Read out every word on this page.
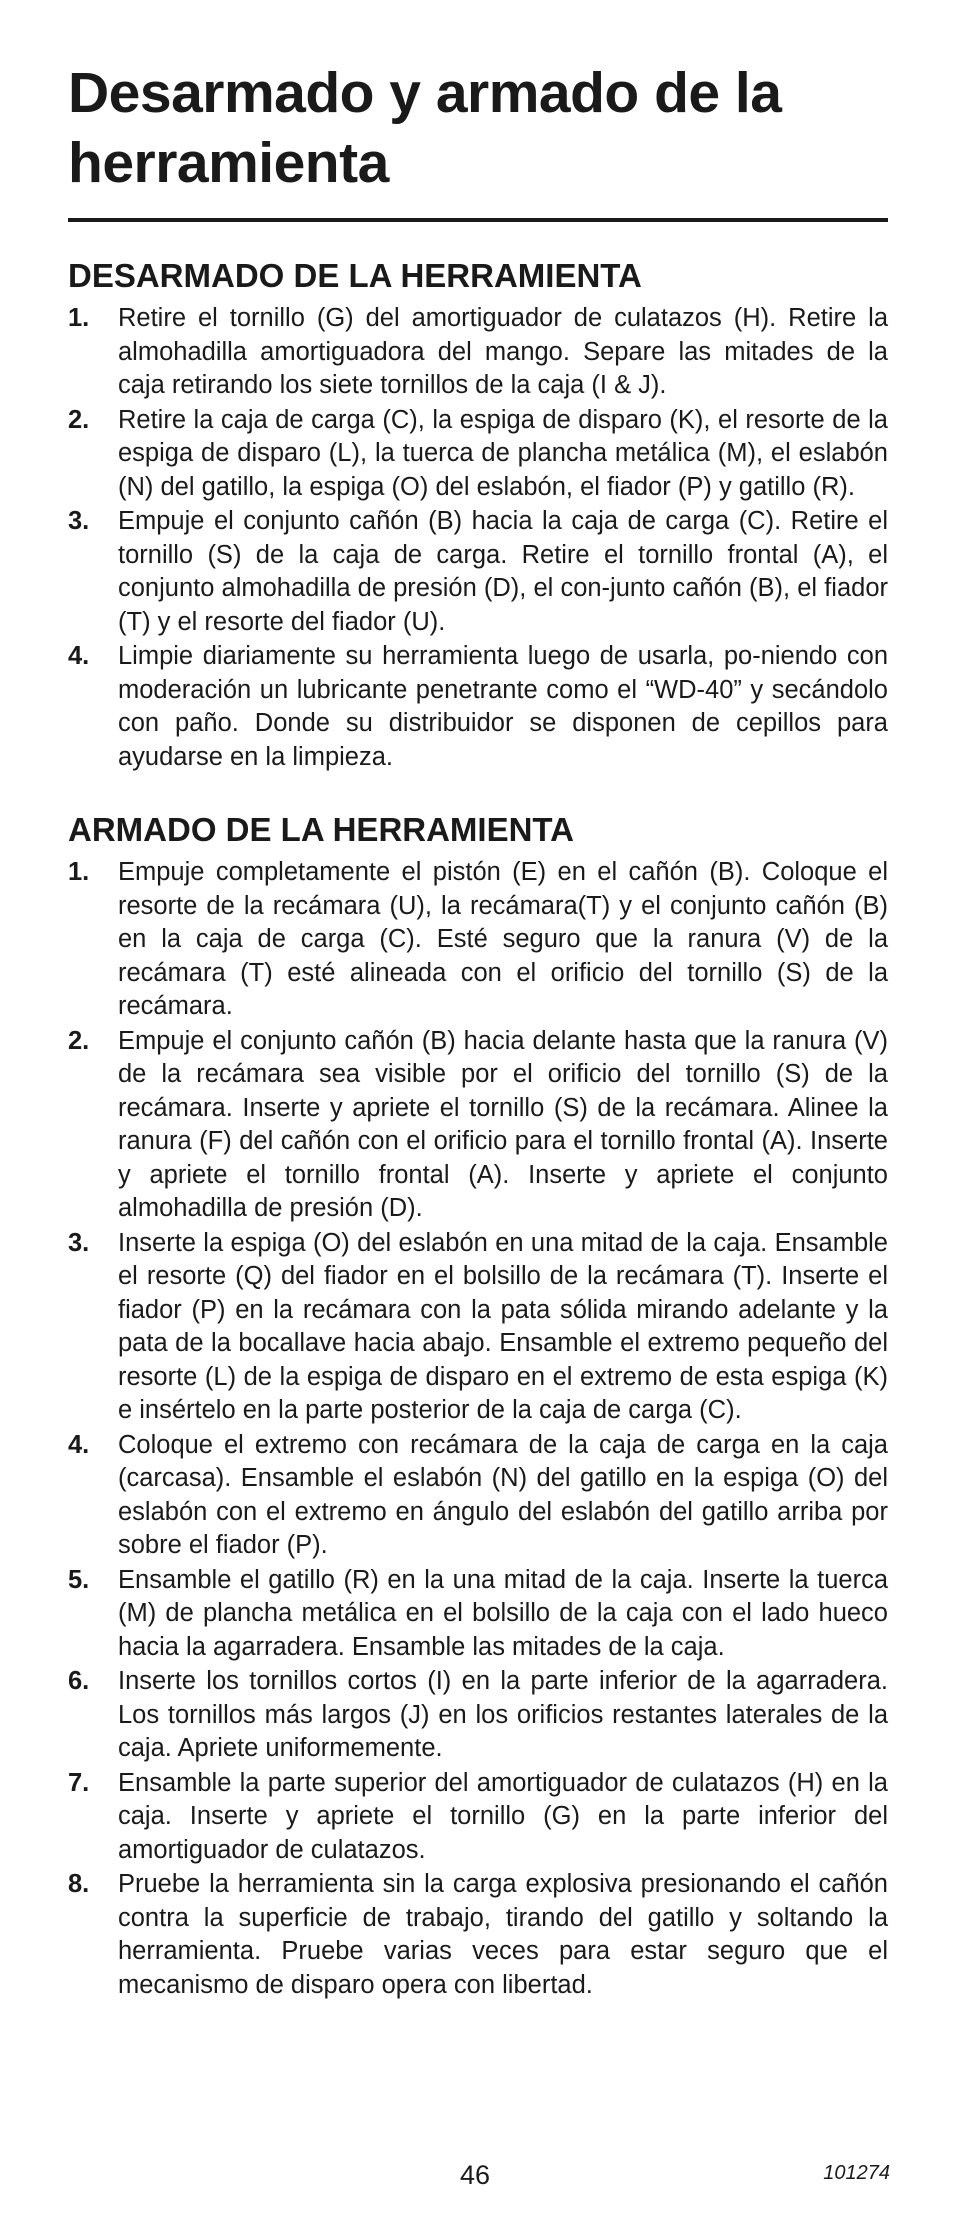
Desarmado y armado de la herramienta
DESARMADO DE LA HERRAMIENTA
1. Retire el tornillo (G) del amortiguador de culatazos (H). Retire la almohadilla amortiguadora del mango. Separe las mitades de la caja retirando los siete tornillos de la caja (I & J).
2. Retire la caja de carga (C), la espiga de disparo (K), el resorte de la espiga de disparo (L), la tuerca de plancha metálica (M), el eslabón (N) del gatillo, la espiga (O) del eslabón, el fiador (P) y gatillo (R).
3. Empuje el conjunto cañón (B) hacia la caja de carga (C). Retire el tornillo (S) de la caja de carga. Retire el tornillo frontal (A), el conjunto almohadilla de presión (D), el con-junto cañón (B), el fiador (T) y el resorte del fiador (U).
4. Limpie diariamente su herramienta luego de usarla, po-niendo con moderación un lubricante penetrante como el “WD-40” y secándolo con paño. Donde su distribuidor se disponen de cepillos para ayudarse en la limpieza.
ARMADO DE LA HERRAMIENTA
1. Empuje completamente el pistón (E) en el cañón (B). Coloque el resorte de la recámara (U), la recámara(T) y el conjunto cañón (B) en la caja de carga (C). Esté seguro que la ranura (V) de la recámara (T) esté alineada con el orificio del tornillo (S) de la recámara.
2. Empuje el conjunto cañón (B) hacia delante hasta que la ranura (V) de la recámara sea visible por el orificio del tornillo (S) de la recámara. Inserte y apriete el tornillo (S) de la recámara. Alinee la ranura (F) del cañón con el orificio para el tornillo frontal (A). Inserte y apriete el tornillo frontal (A). Inserte y apriete el conjunto almohadilla de presión (D).
3. Inserte la espiga (O) del eslabón en una mitad de la caja. Ensamble el resorte (Q) del fiador en el bolsillo de la recámara (T). Inserte el fiador (P) en la recámara con la pata sólida mirando adelante y la pata de la bocallave hacia abajo. Ensamble el extremo pequeño del resorte (L) de la espiga de disparo en el extremo de esta espiga (K) e insértelo en la parte posterior de la caja de carga (C).
4. Coloque el extremo con recámara de la caja de carga en la caja (carcasa). Ensamble el eslabón (N) del gatillo en la espiga (O) del eslabón con el extremo en ángulo del eslabón del gatillo arriba por sobre el fiador (P).
5. Ensamble el gatillo (R) en la una mitad de la caja. Inserte la tuerca (M) de plancha metálica en el bolsillo de la caja con el lado hueco hacia la agarradera. Ensamble las mitades de la caja.
6. Inserte los tornillos cortos (I) en la parte inferior de la agarradera. Los tornillos más largos (J) en los orificios restantes laterales de la caja. Apriete uniformemente.
7. Ensamble la parte superior del amortiguador de culatazos (H) en la caja. Inserte y apriete el tornillo (G) en la parte inferior del amortiguador de culatazos.
8. Pruebe la herramienta sin la carga explosiva presionando el cañón contra la superficie de trabajo, tirando del gatillo y soltando la herramienta. Pruebe varias veces para estar seguro que el mecanismo de disparo opera con libertad.
46	101274
